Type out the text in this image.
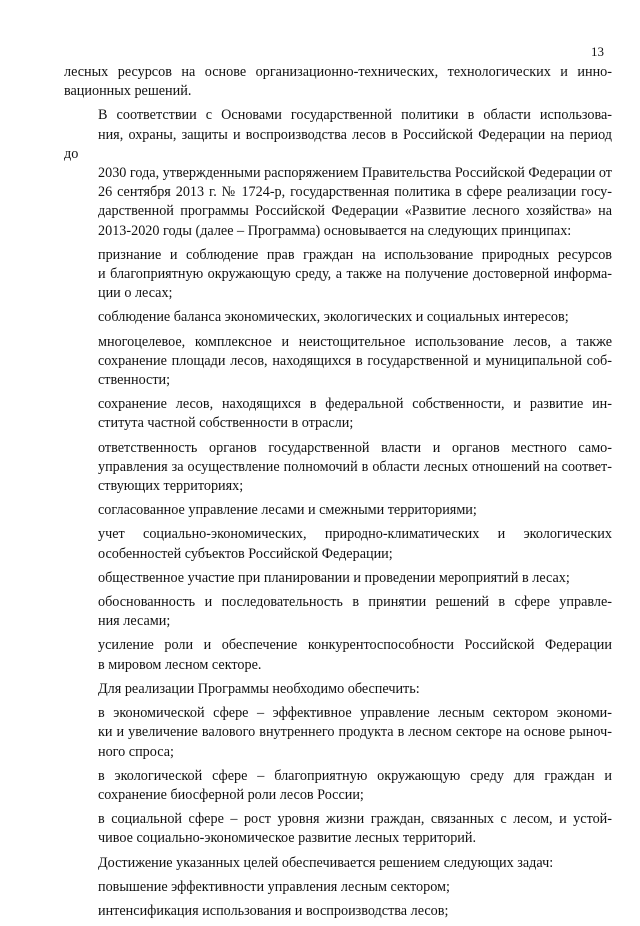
13
лесных ресурсов на основе организационно-технических, технологических и инно-
вационных решений.
В соответствии с Основами государственной политики в области использова-
ния, охраны, защиты и воспроизводства лесов в Российской Федерации на период до
2030 года, утвержденными распоряжением Правительства Российской Федерации от
26 сентября 2013 г. № 1724-р, государственная политика в сфере реализации госу-
дарственной программы Российской Федерации «Развитие лесного хозяйства» на
2013-2020 годы (далее – Программа) основывается на следующих принципах:
признание и соблюдение прав граждан на использование природных ресурсов
и благоприятную окружающую среду, а также на получение достоверной информа-
ции о лесах;
соблюдение баланса экономических, экологических и социальных интересов;
многоцелевое, комплексное и неистощительное использование лесов, а также
сохранение площади лесов, находящихся в государственной и муниципальной соб-
ственности;
сохранение лесов, находящихся в федеральной собственности, и развитие ин-
ститута частной собственности в отрасли;
ответственность органов государственной власти и органов местного само-
управления за осуществление полномочий в области лесных отношений на соответ-
ствующих территориях;
согласованное управление лесами и смежными территориями;
учет социально-экономических, природно-климатических и экологических
особенностей субъектов Российской Федерации;
общественное участие при планировании и проведении мероприятий в лесах;
обоснованность и последовательность в принятии решений в сфере управле-
ния лесами;
усиление роли и обеспечение конкурентоспособности Российской Федерации
в мировом лесном секторе.
Для реализации Программы необходимо обеспечить:
в экономической сфере – эффективное управление лесным сектором экономи-
ки и увеличение валового внутреннего продукта в лесном секторе на основе рыноч-
ного спроса;
в экологической сфере – благоприятную окружающую среду для граждан и
сохранение биосферной роли лесов России;
в социальной сфере – рост уровня жизни граждан, связанных с лесом, и устой-
чивое социально-экономическое развитие лесных территорий.
Достижение указанных целей обеспечивается решением следующих задач:
повышение эффективности управления лесным сектором;
интенсификация использования и воспроизводства лесов;
